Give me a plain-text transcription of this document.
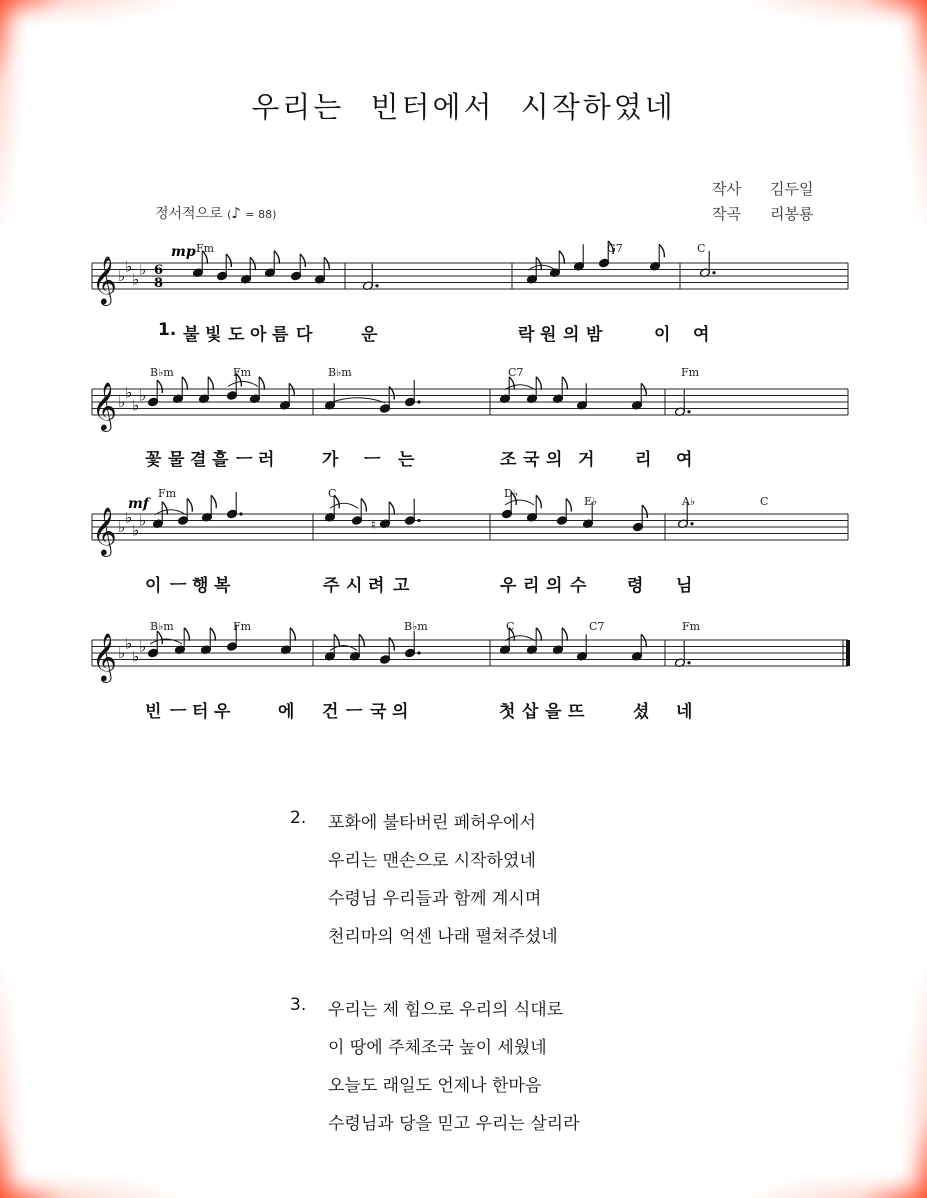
우리는 빈터에서 시작하였네
작사 김두일
작곡 리봉룡
정서적으로 (♪ = 88)
𝄞 ♭
♭
♭
♭
𝄞 ♭
♭
♭
♭
𝄞 ♭
♭
♭
♭
𝄞 ♭
♭
♭
♭
6
8
mp
mf
Fm	G7	C
B♭m	Fm	B♭m	C7	Fm
Fm	C	D♭
E♭	A♭	C
B♭m	Fm	B♭m	C	C7	Fm
♮
1. 불 빛 도 아 름 다	운	락 원 의 밤	이 여
꽃 물 결 흘 ㅡ 러	가 ㅡ 는	조 국 의 거 리 여
이 ㅡ 행 복	주 시 려 고	우 리 의 수 령 님
빈 ㅡ 터 우	에 건 ㅡ 국 의	첫 삽 을 뜨	셨 네
2.	포화에 불타버린 페허우에서
우리는 맨손으로 시작하였네
수령님 우리들과 함께 계시며
천리마의 억센 나래 펼쳐주셨네
3.	우리는 제 힘으로 우리의 식대로
이 땅에 주체조국 높이 세웠네
오늘도 래일도 언제나 한마음
수령님과 당을 믿고 우리는 살리라
